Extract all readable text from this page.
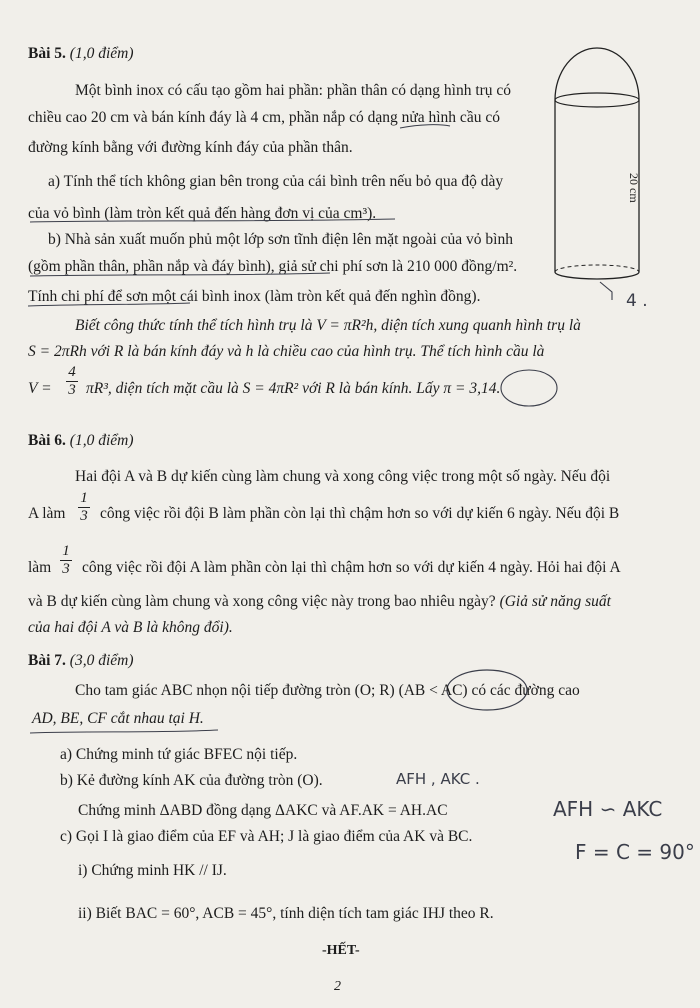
Bài 5. (1,0 điểm)
Một bình inox có cấu tạo gồm hai phần: phần thân có dạng hình trụ có
chiều cao 20 cm và bán kính đáy là 4 cm, phần nắp có dạng nửa hình cầu có
đường kính bằng với đường kính đáy của phần thân.
a) Tính thể tích không gian bên trong của cái bình trên nếu bỏ qua độ dày
của vỏ bình (làm tròn kết quả đến hàng đơn vị của cm³).
b) Nhà sản xuất muốn phủ một lớp sơn tĩnh điện lên mặt ngoài của vỏ bình
(gồm phần thân, phần nắp và đáy bình), giả sử chi phí sơn là 210 000 đồng/m².
Tính chi phí để sơn một cái bình inox (làm tròn kết quả đến nghìn đồng).
Biết công thức tính thể tích hình trụ là V = πR²h, diện tích xung quanh hình trụ là
S = 2πRh với R là bán kính đáy và h là chiều cao của hình trụ. Thể tích hình cầu là
V =
4
3 πR³, diện tích mặt cầu là S = 4πR² với R là bán kính. Lấy π = 3,14.
20 cm
4 .
Bài 6. (1,0 điểm)
Hai đội A và B dự kiến cùng làm chung và xong công việc trong một số ngày. Nếu đội
A làm
1
3 công việc rồi đội B làm phần còn lại thì chậm hơn so với dự kiến 6 ngày. Nếu đội B
làm
1
3 công việc rồi đội A làm phần còn lại thì chậm hơn so với dự kiến 4 ngày. Hỏi hai đội A
và B dự kiến cùng làm chung và xong công việc này trong bao nhiêu ngày? (Giả sử năng suất
của hai đội A và B là không đổi).
Bài 7. (3,0 điểm)
Cho tam giác ABC nhọn nội tiếp đường tròn (O; R) (AB < AC) có các đường cao
AD, BE, CF cắt nhau tại H.
a) Chứng minh tứ giác BFEC nội tiếp.
b) Kẻ đường kính AK của đường tròn (O).
Chứng minh ΔABD đồng dạng ΔAKC và AF.AK = AH.AC
c) Gọi I là giao điểm của EF và AH; J là giao điểm của AK và BC.
i) Chứng minh HK // IJ.
ii) Biết BAC = 60°, ACB = 45°, tính diện tích tam giác IHJ theo R.
AFH , AKC .
AFH ∽ AKC
F = C = 90°
-HẾT-
2
